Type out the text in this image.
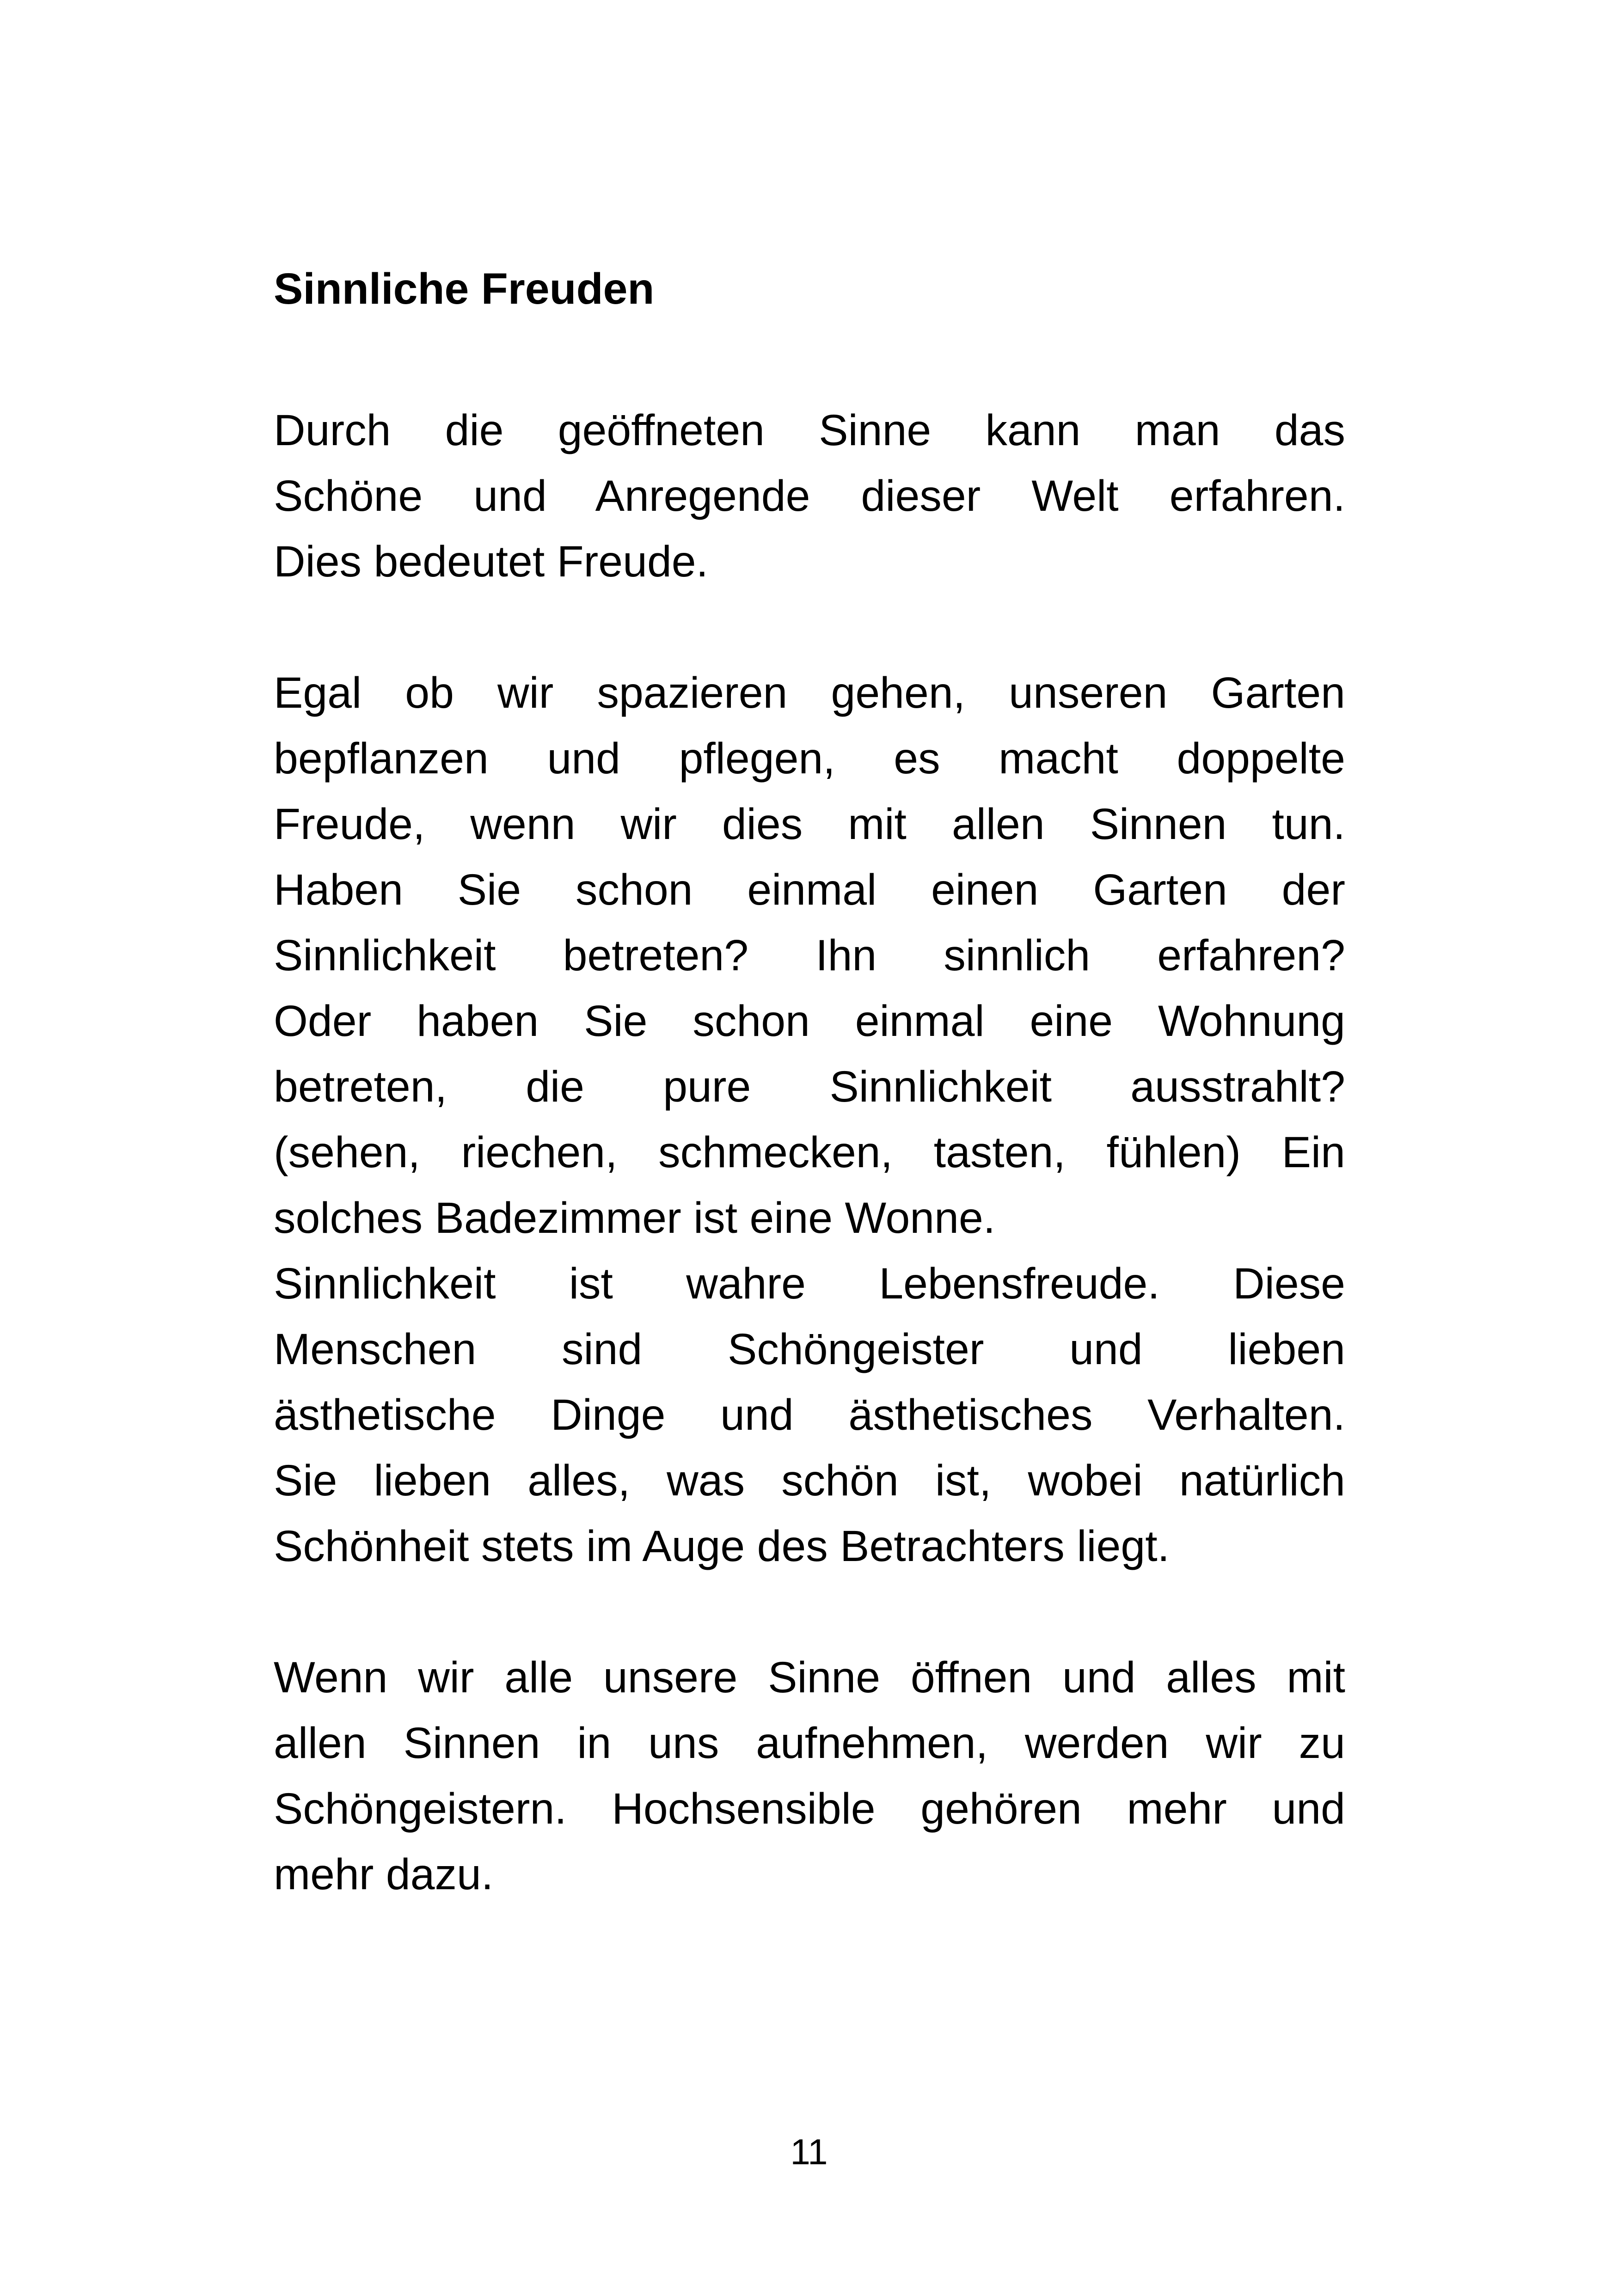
Sinnliche Freuden

Durch die geöffneten Sinne kann man das
Schöne und Anregende dieser Welt erfahren.
Dies bedeutet Freude.

Egal ob wir spazieren gehen, unseren Garten
bepflanzen und pflegen, es macht doppelte
Freude, wenn wir dies mit allen Sinnen tun.
Haben Sie schon einmal einen Garten der
Sinnlichkeit betreten? Ihn sinnlich erfahren?
Oder haben Sie schon einmal eine Wohnung
betreten, die pure Sinnlichkeit ausstrahlt?
(sehen, riechen, schmecken, tasten, fühlen) Ein
solches Badezimmer ist eine Wonne.

Sinnlichkeit ist wahre Lebensfreude. Diese
Menschen sind Schöngeister und lieben
ästhetische Dinge und ästhetisches Verhalten.
Sie lieben alles, was schön ist, wobei natürlich
Schönheit stets im Auge des Betrachters liegt.

Wenn wir alle unsere Sinne öffnen und alles mit
allen Sinnen in uns aufnehmen, werden wir zu
Schöngeistern. Hochsensible gehören mehr und
mehr dazu.

11
